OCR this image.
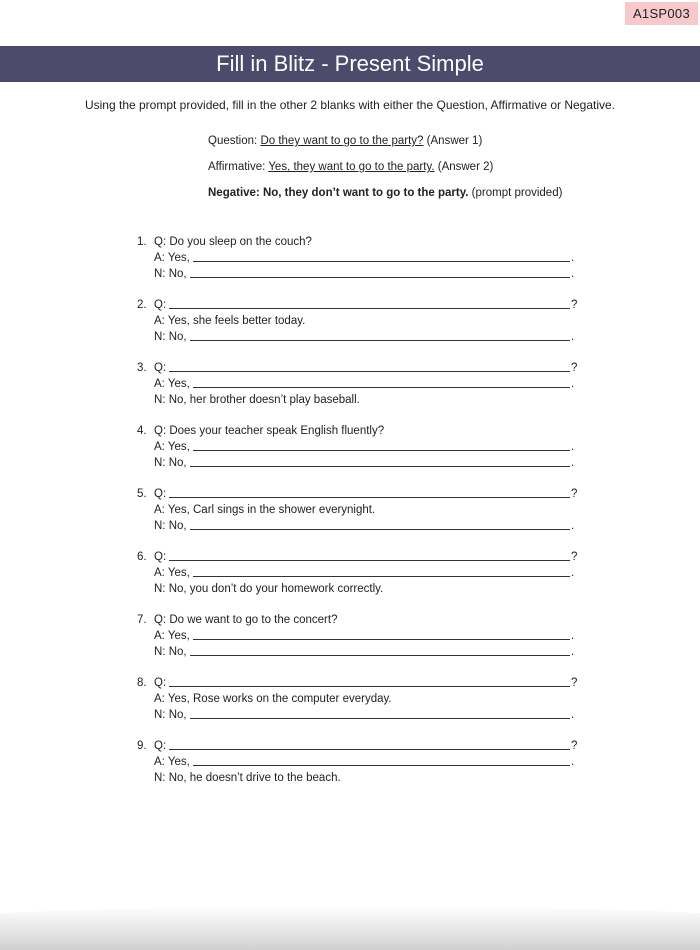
A1SP003
Fill in Blitz - Present Simple
Using the prompt provided, fill in the other 2 blanks with either the Question, Affirmative or Negative.
Question: Do they want to go to the party? (Answer 1)
Affirmative: Yes, they want to go to the party. (Answer 2)
Negative: No, they don’t want to go to the party. (prompt provided)
1. Q: Do you sleep on the couch?
A: Yes,	.
N: No,	.
2. Q:	?
A: Yes, she feels better today.
N: No,	.
3. Q:	?
A: Yes,	.
N: No, her brother doesn’t play baseball.
4. Q: Does your teacher speak English fluently?
A: Yes,	.
N: No,	.
5. Q:	?
A: Yes, Carl sings in the shower everynight.
N: No,	.
6. Q:	?
A: Yes,	.
N: No, you don’t do your homework correctly.
7. Q: Do we want to go to the concert?
A: Yes,	.
N: No,	.
8. Q:	?
A: Yes, Rose works on the computer everyday.
N: No,	.
9. Q:	?
A: Yes,	.
N: No, he doesn’t drive to the beach.
